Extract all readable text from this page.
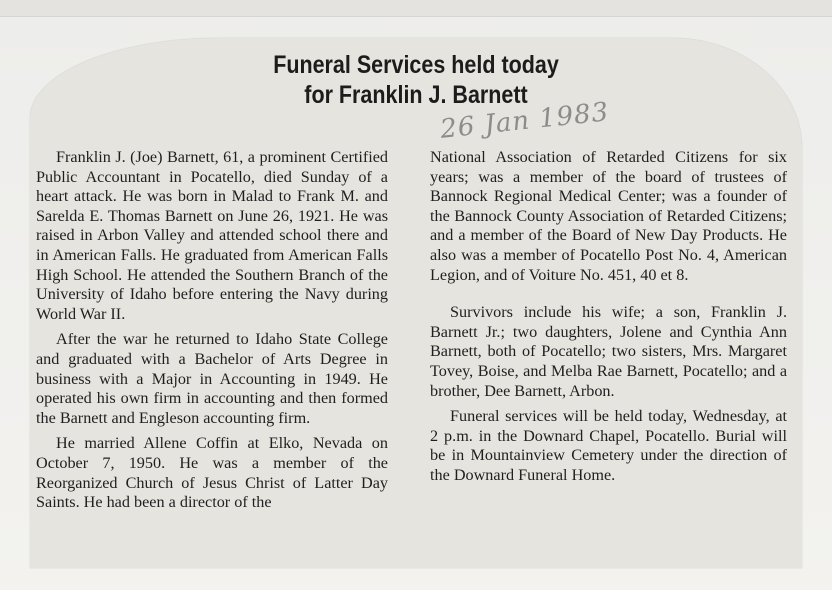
Funeral Services held today
for Franklin J. Barnett
26 Jan 1983

Franklin J. (Joe) Barnett, 61, a prominent Certified Public Accountant in Pocatello, died Sunday of a heart attack. He was born in Malad to Frank M. and Sarelda E. Thomas Barnett on June 26, 1921. He was raised in Arbon Valley and attended school there and in American Falls. He graduated from American Falls High School. He attended the Southern Branch of the University of Idaho before entering the Navy during World War II.

After the war he returned to Idaho State College and graduated with a Bachelor of Arts Degree in business with a Major in Accounting in 1949. He operated his own firm in accounting and then formed the Barnett and Engleson accounting firm.

He married Allene Coffin at Elko, Nevada on October 7, 1950. He was a member of the Reorganized Church of Jesus Christ of Latter Day Saints. He had been a director of the

National Association of Retarded Citizens for six years; was a member of the board of trustees of Bannock Regional Medical Center; was a founder of the Bannock County Association of Retarded Citizens; and a member of the Board of New Day Products. He also was a member of Pocatello Post No. 4, American Legion, and of Voiture No. 451, 40 et 8.

Survivors include his wife; a son, Franklin J. Barnett Jr.; two daughters, Jolene and Cynthia Ann Barnett, both of Pocatello; two sisters, Mrs. Margaret Tovey, Boise, and Melba Rae Barnett, Pocatello; and a brother, Dee Barnett, Arbon.

Funeral services will be held today, Wednesday, at 2 p.m. in the Downard Chapel, Pocatello. Burial will be in Mountainview Cemetery under the direction of the Downard Funeral Home.
